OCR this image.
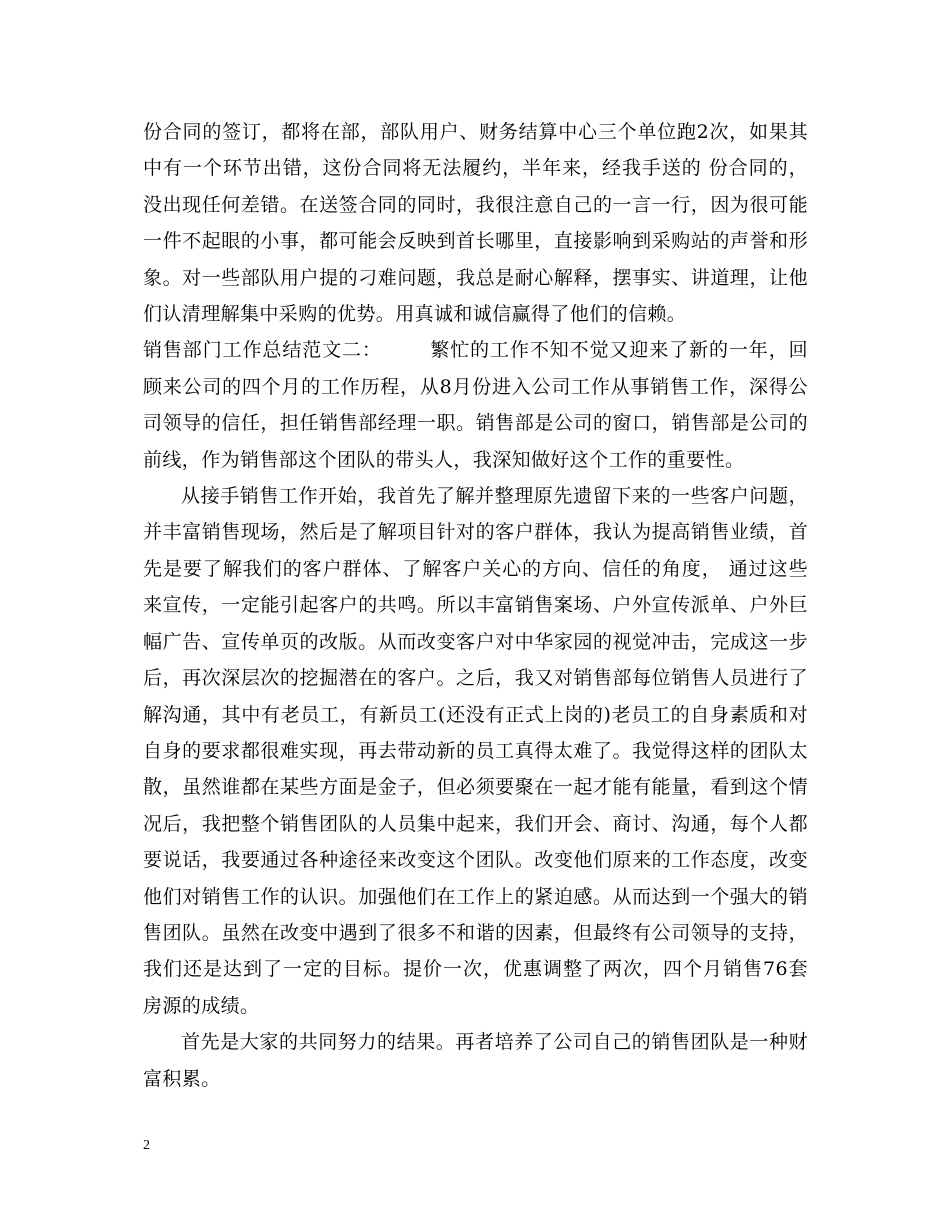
份合同的签订，都将在部，部队用户、财务结算中心三个单位跑2次，如果其中有一个环节出错，这份合同将无法履约，半年来，经我手送的 份合同的，没出现任何差错。在送签合同的同时，我很注意自己的一言一行，因为很可能一件不起眼的小事，都可能会反映到首长哪里，直接影响到采购站的声誉和形象。对一些部队用户提的刁难问题，我总是耐心解释，摆事实、讲道理，让他们认清理解集中采购的优势。用真诚和诚信赢得了他们的信赖。

销售部门工作总结范文二：	繁忙的工作不知不觉又迎来了新的一年，回顾来公司的四个月的工作历程，从8月份进入公司工作从事销售工作，深得公司领导的信任，担任销售部经理一职。销售部是公司的窗口，销售部是公司的前线，作为销售部这个团队的带头人，我深知做好这个工作的重要性。

从接手销售工作开始，我首先了解并整理原先遗留下来的一些客户问题，并丰富销售现场，然后是了解项目针对的客户群体，我认为提高销售业绩，首先是要了解我们的客户群体、了解客户关心的方向、信任的角度， 通过这些来宣传，一定能引起客户的共鸣。所以丰富销售案场、户外宣传派单、户外巨幅广告、宣传单页的改版。从而改变客户对中华家园的视觉冲击，完成这一步后，再次深层次的挖掘潜在的客户。之后，我又对销售部每位销售人员进行了解沟通，其中有老员工，有新员工(还没有正式上岗的)老员工的自身素质和对自身的要求都很难实现，再去带动新的员工真得太难了。我觉得这样的团队太散，虽然谁都在某些方面是金子，但必须要聚在一起才能有能量，看到这个情况后，我把整个销售团队的人员集中起来，我们开会、商讨、沟通，每个人都要说话，我要通过各种途径来改变这个团队。改变他们原来的工作态度，改变他们对销售工作的认识。加强他们在工作上的紧迫感。从而达到一个强大的销售团队。虽然在改变中遇到了很多不和谐的因素，但最终有公司领导的支持，我们还是达到了一定的目标。提价一次，优惠调整了两次，四个月销售76套房源的成绩。

首先是大家的共同努力的结果。再者培养了公司自己的销售团队是一种财富积累。

2
